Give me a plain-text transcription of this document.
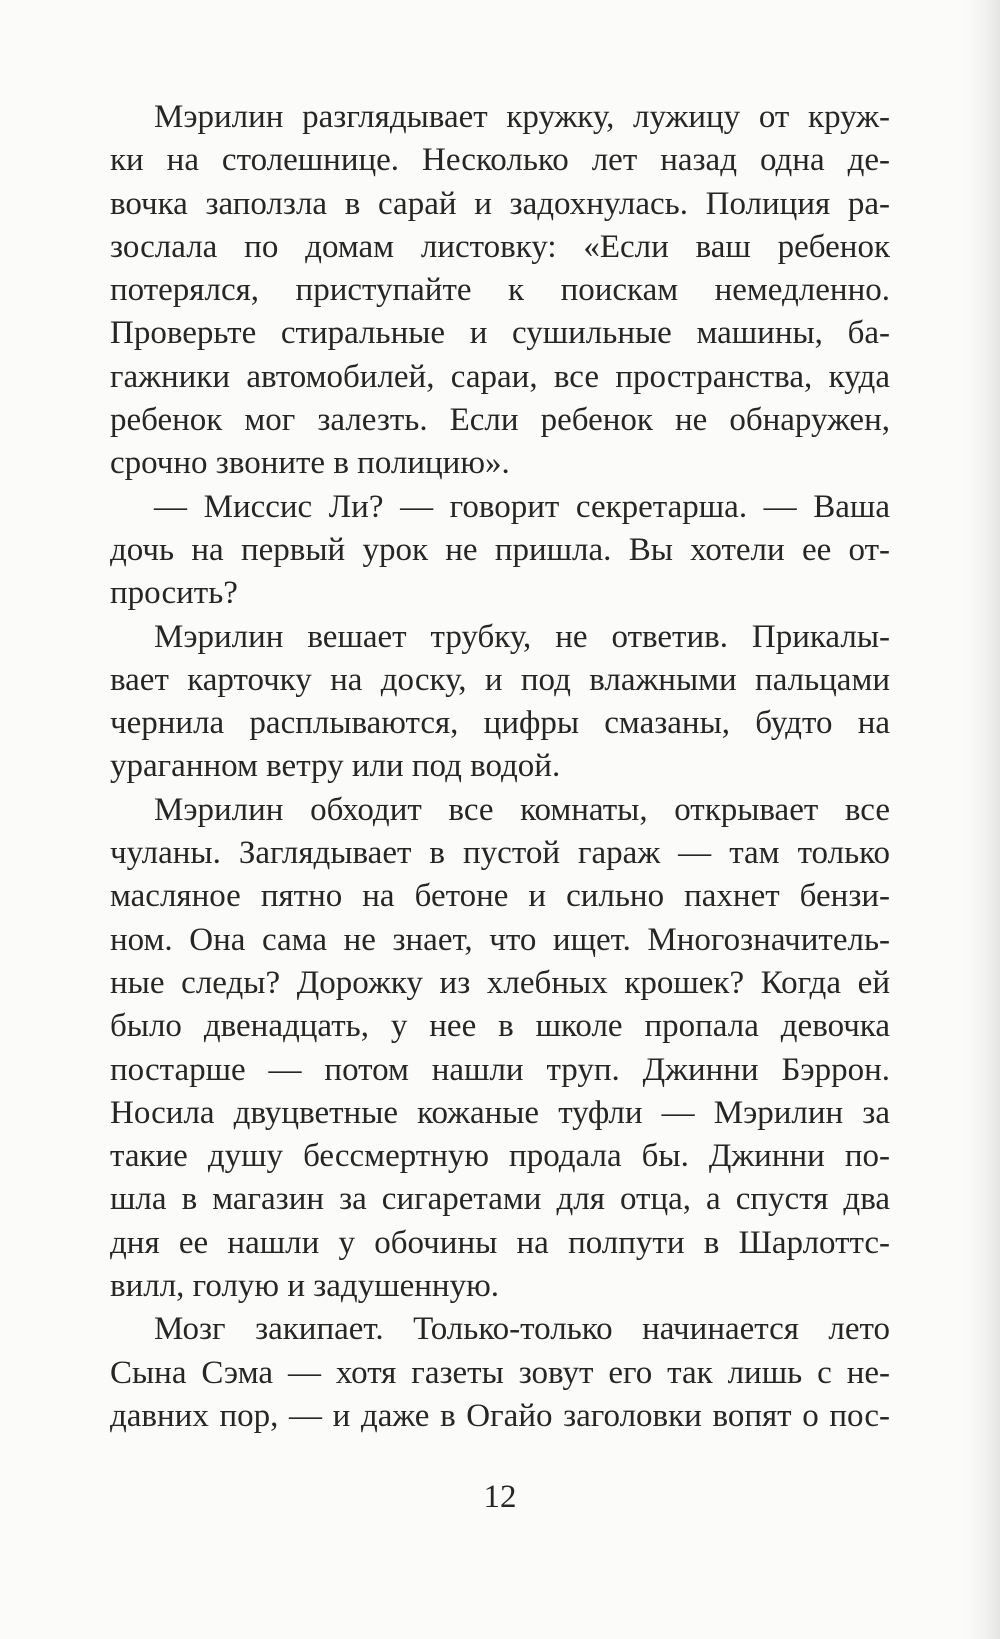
Мэрилин разглядывает кружку, лужицу от круж-
ки на столешнице. Несколько лет назад одна де-
вочка заползла в сарай и задохнулась. Полиция ра-
зослала по домам листовку: «Если ваш ребенок
потерялся, приступайте к поискам немедленно.
Проверьте стиральные и сушильные машины, ба-
гажники автомобилей, сараи, все пространства, куда
ребенок мог залезть. Если ребенок не обнаружен,
срочно звоните в полицию».
— Миссис Ли? — говорит секретарша. — Ваша
дочь на первый урок не пришла. Вы хотели ее от-
просить?
Мэрилин вешает трубку, не ответив. Прикалы-
вает карточку на доску, и под влажными пальцами
чернила расплываются, цифры смазаны, будто на
ураганном ветру или под водой.
Мэрилин обходит все комнаты, открывает все
чуланы. Заглядывает в пустой гараж — там только
масляное пятно на бетоне и сильно пахнет бензи-
ном. Она сама не знает, что ищет. Многозначитель-
ные следы? Дорожку из хлебных крошек? Когда ей
было двенадцать, у нее в школе пропала девочка
постарше — потом нашли труп. Джинни Бэррон.
Носила двуцветные кожаные туфли — Мэрилин за
такие душу бессмертную продала бы. Джинни по-
шла в магазин за сигаретами для отца, а спустя два
дня ее нашли у обочины на полпути в Шарлоттс-
вилл, голую и задушенную.
Мозг закипает. Только-только начинается лето
Сына Сэма — хотя газеты зовут его так лишь с не-
давних пор, — и даже в Огайо заголовки вопят о пос-
12
